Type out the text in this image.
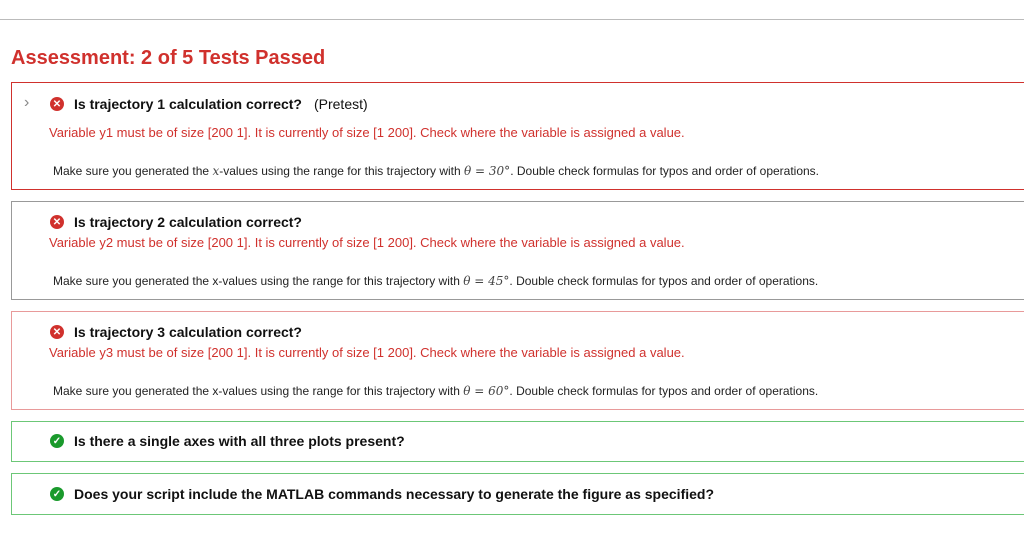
Assessment: 2 of 5 Tests Passed
› ✕ Is trajectory 1 calculation correct? (Pretest)
Variable y1 must be of size [200 1]. It is currently of size [1 200]. Check where the variable is assigned a value.
Make sure you generated the x-values using the range for this trajectory with θ = 30°. Double check formulas for typos and order of operations.
✕ Is trajectory 2 calculation correct?
Variable y2 must be of size [200 1]. It is currently of size [1 200]. Check where the variable is assigned a value.
Make sure you generated the x-values using the range for this trajectory with θ = 45°. Double check formulas for typos and order of operations.
✕ Is trajectory 3 calculation correct?
Variable y3 must be of size [200 1]. It is currently of size [1 200]. Check where the variable is assigned a value.
Make sure you generated the x-values using the range for this trajectory with θ = 60°. Double check formulas for typos and order of operations.
✓ Is there a single axes with all three plots present?
✓ Does your script include the MATLAB commands necessary to generate the figure as specified?
